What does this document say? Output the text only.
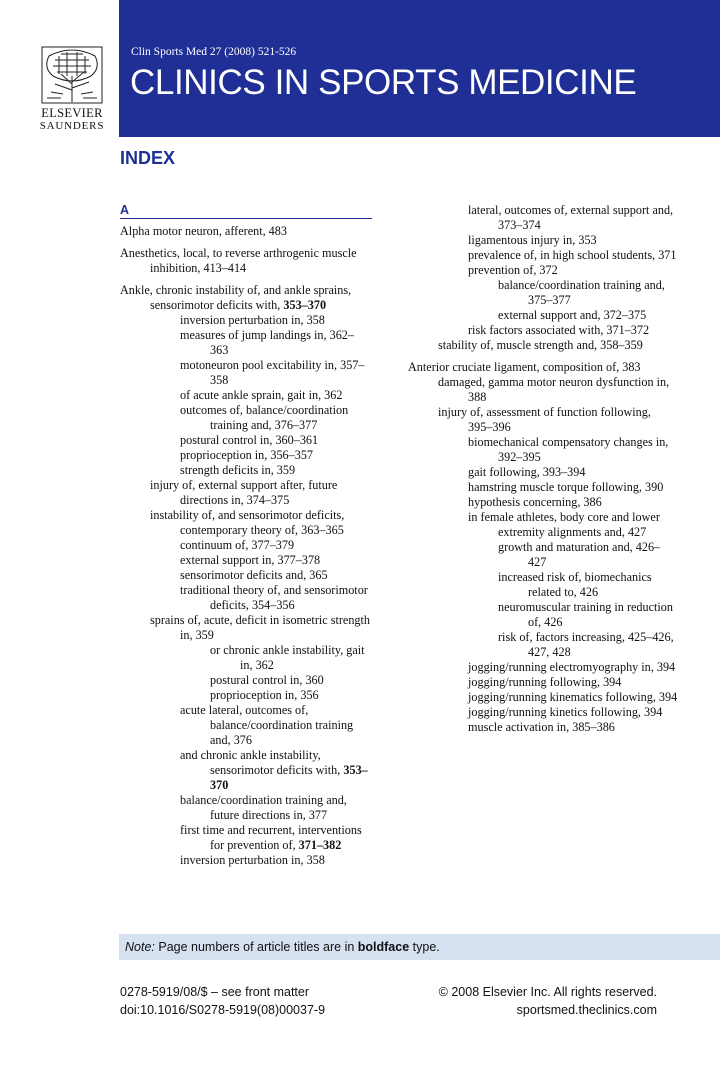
ELSEVIER
SAUNDERS
Clin Sports Med 27 (2008) 521-526
CLINICS IN SPORTS MEDICINE
INDEX
A
Alpha motor neuron, afferent, 483
Anesthetics, local, to reverse arthrogenic muscle inhibition, 413–414
Ankle, chronic instability of, and ankle sprains, sensorimotor deficits with, 353–370
inversion perturbation in, 358
measures of jump landings in, 362–363
motoneuron pool excitability in, 357–358
of acute ankle sprain, gait in, 362
outcomes of, balance/coordination training and, 376–377
postural control in, 360–361
proprioception in, 356–357
strength deficits in, 359
injury of, external support after, future directions in, 374–375
instability of, and sensorimotor deficits,
contemporary theory of, 363–365
continuum of, 377–379
external support in, 377–378
sensorimotor deficits and, 365
traditional theory of, and sensorimotor deficits, 354–356
sprains of, acute, deficit in isometric strength in, 359
or chronic ankle instability, gait in, 362
postural control in, 360
proprioception in, 356
acute lateral, outcomes of, balance/coordination training and, 376
and chronic ankle instability, sensorimotor deficits with, 353–370
balance/coordination training and, future directions in, 377
first time and recurrent, interventions for prevention of, 371–382
inversion perturbation in, 358
lateral, outcomes of, external support and, 373–374
ligamentous injury in, 353
prevalence of, in high school students, 371
prevention of, 372
balance/coordination training and, 375–377
external support and, 372–375
risk factors associated with, 371–372
stability of, muscle strength and, 358–359
Anterior cruciate ligament, composition of, 383
damaged, gamma motor neuron dysfunction in, 388
injury of, assessment of function following, 395–396
biomechanical compensatory changes in, 392–395
gait following, 393–394
hamstring muscle torque following, 390
hypothesis concerning, 386
in female athletes, body core and lower extremity alignments and, 427
growth and maturation and, 426–427
increased risk of, biomechanics related to, 426
neuromuscular training in reduction of, 426
risk of, factors increasing, 425–426, 427, 428
jogging/running electromyography in, 394
jogging/running following, 394
jogging/running kinematics following, 394
jogging/running kinetics following, 394
muscle activation in, 385–386
Note: Page numbers of article titles are in boldface type.
0278-5919/08/$ – see front matter
doi:10.1016/S0278-5919(08)00037-9
© 2008 Elsevier Inc. All rights reserved.
sportsmed.theclinics.com
